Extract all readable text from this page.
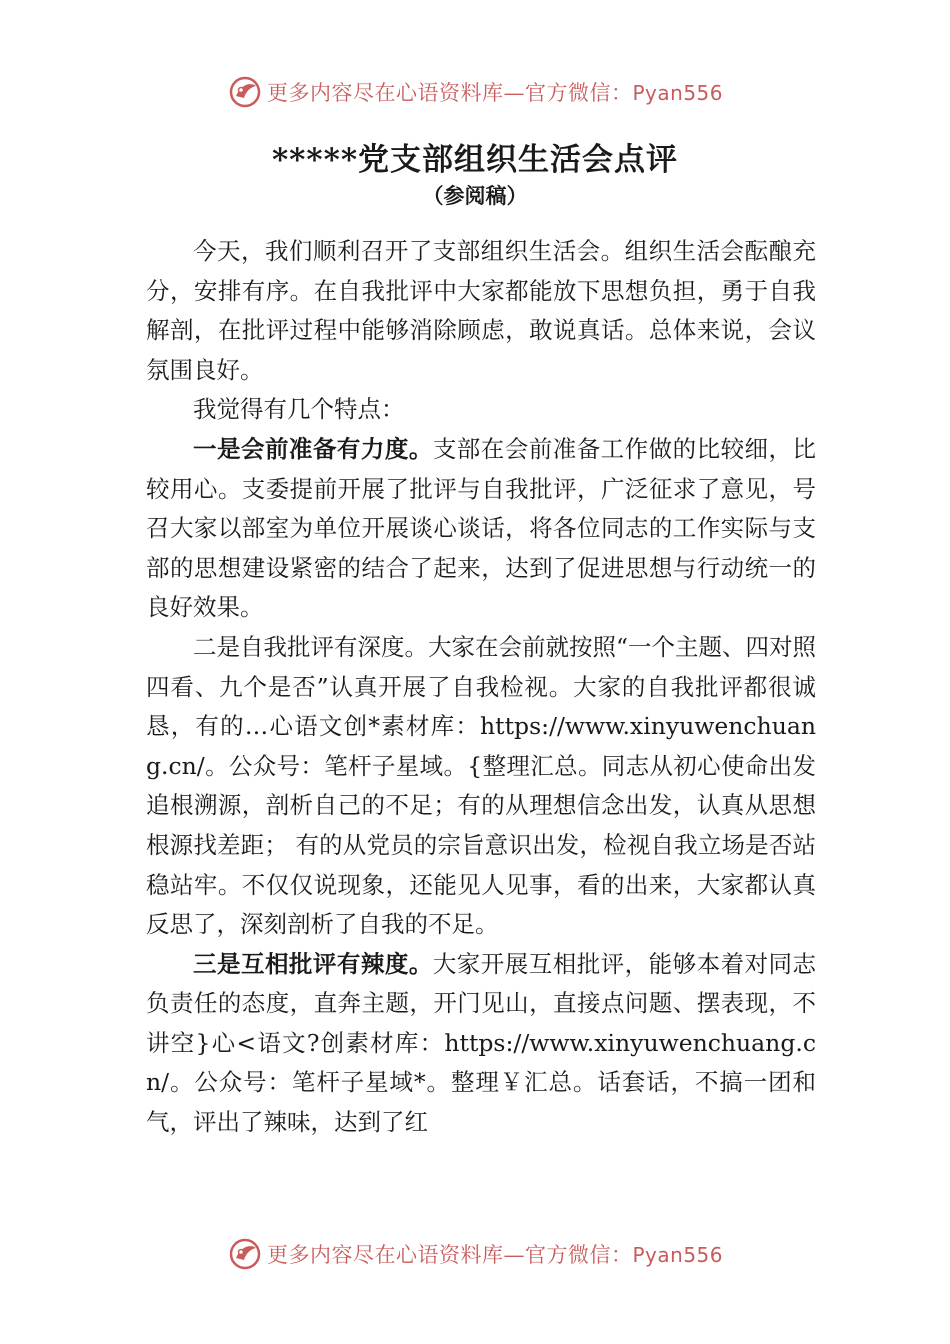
更多内容尽在心语资料库—官方微信：Pyan556
*****党支部组织生活会点评
（参阅稿）

今天，我们顺利召开了支部组织生活会。组织生活会酝酿充分，安排有序。在自我批评中大家都能放下思想负担，勇于自我解剖，在批评过程中能够消除顾虑，敢说真话。总体来说，会议氛围良好。

我觉得有几个特点：

一是会前准备有力度。支部在会前准备工作做的比较细，比较用心。支委提前开展了批评与自我批评，广泛征求了意见，号召大家以部室为单位开展谈心谈话，将各位同志的工作实际与支部的思想建设紧密的结合了起来，达到了促进思想与行动统一的良好效果。

二是自我批评有深度。大家在会前就按照“一个主题、四对照四看、九个是否”认真开展了自我检视。大家的自我批评都很诚恳，有的…心语文创*素材库：https://www.xinyuwenchuang.cn/。公众号：笔杆子星域。{整理汇总。同志从初心使命出发追根溯源，剖析自己的不足；有的从理想信念出发，认真从思想根源找差距； 有的从党员的宗旨意识出发，检视自我立场是否站稳站牢。不仅仅说现象，还能见人见事，看的出来，大家都认真反思了，深刻剖析了自我的不足。

三是互相批评有辣度。大家开展互相批评，能够本着对同志负责任的态度，直奔主题，开门见山，直接点问题、摆表现，不讲空}心<语文?创素材库：https://www.xinyuwenchuang.cn/。公众号：笔杆子星域*。整理￥汇总。话套话，不搞一团和气，评出了辣味，达到了红

更多内容尽在心语资料库—官方微信：Pyan556
